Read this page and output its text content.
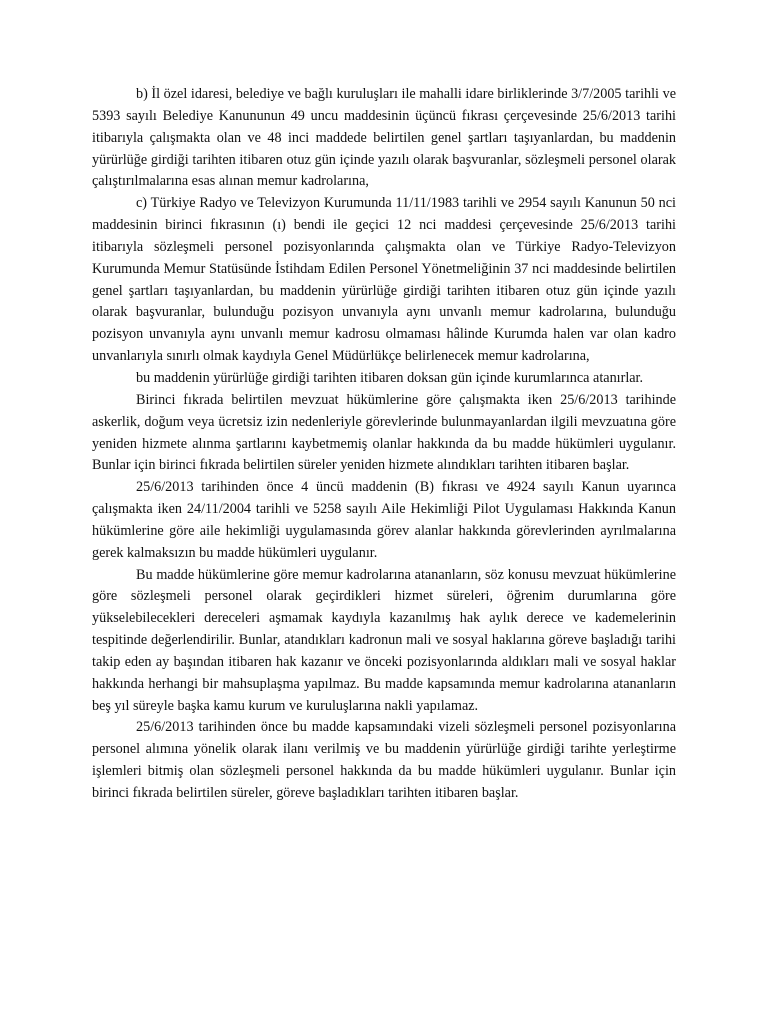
b) İl özel idaresi, belediye ve bağlı kuruluşları ile mahalli idare birliklerinde 3/7/2005 tarihli ve 5393 sayılı Belediye Kanununun 49 uncu maddesinin üçüncü fıkrası çerçevesinde 25/6/2013 tarihi itibarıyla çalışmakta olan ve 48 inci maddede belirtilen genel şartları taşıyanlardan, bu maddenin yürürlüğe girdiği tarihten itibaren otuz gün içinde yazılı olarak başvuranlar, sözleşmeli personel olarak çalıştırılmalarına esas alınan memur kadrolarına,

c) Türkiye Radyo ve Televizyon Kurumunda 11/11/1983 tarihli ve 2954 sayılı Kanunun 50 nci maddesinin birinci fıkrasının (ı) bendi ile geçici 12 nci maddesi çerçevesinde 25/6/2013 tarihi itibarıyla sözleşmeli personel pozisyonlarında çalışmakta olan ve Türkiye Radyo-Televizyon Kurumunda Memur Statüsünde İstihdam Edilen Personel Yönetmeliğinin 37 nci maddesinde belirtilen genel şartları taşıyanlardan, bu maddenin yürürlüğe girdiği tarihten itibaren otuz gün içinde yazılı olarak başvuranlar, bulunduğu pozisyon unvanıyla aynı unvanlı memur kadrolarına, bulunduğu pozisyon unvanıyla aynı unvanlı memur kadrosu olmaması hâlinde Kurumda halen var olan kadro unvanlarıyla sınırlı olmak kaydıyla Genel Müdürlükçe belirlenecek memur kadrolarına,

bu maddenin yürürlüğe girdiği tarihten itibaren doksan gün içinde kurumlarınca atanırlar.

Birinci fıkrada belirtilen mevzuat hükümlerine göre çalışmakta iken 25/6/2013 tarihinde askerlik, doğum veya ücretsiz izin nedenleriyle görevlerinde bulunmayanlardan ilgili mevzuatına göre yeniden hizmete alınma şartlarını kaybetmemiş olanlar hakkında da bu madde hükümleri uygulanır. Bunlar için birinci fıkrada belirtilen süreler yeniden hizmete alındıkları tarihten itibaren başlar.

25/6/2013 tarihinden önce 4 üncü maddenin (B) fıkrası ve 4924 sayılı Kanun uyarınca çalışmakta iken 24/11/2004 tarihli ve 5258 sayılı Aile Hekimliği Pilot Uygulaması Hakkında Kanun hükümlerine göre aile hekimliği uygulamasında görev alanlar hakkında görevlerinden ayrılmalarına gerek kalmaksızın bu madde hükümleri uygulanır.

Bu madde hükümlerine göre memur kadrolarına atananların, söz konusu mevzuat hükümlerine göre sözleşmeli personel olarak geçirdikleri hizmet süreleri, öğrenim durumlarına göre yükselebilecekleri dereceleri aşmamak kaydıyla kazanılmış hak aylık derece ve kademelerinin tespitinde değerlendirilir. Bunlar, atandıkları kadronun mali ve sosyal haklarına göreve başladığı tarihi takip eden ay başından itibaren hak kazanır ve önceki pozisyonlarında aldıkları mali ve sosyal haklar hakkında herhangi bir mahsuplaşma yapılmaz. Bu madde kapsamında memur kadrolarına atananların beş yıl süreyle başka kamu kurum ve kuruluşlarına nakli yapılamaz.

25/6/2013 tarihinden önce bu madde kapsamındaki vizeli sözleşmeli personel pozisyonlarına personel alımına yönelik olarak ilanı verilmiş ve bu maddenin yürürlüğe girdiği tarihte yerleştirme işlemleri bitmiş olan sözleşmeli personel hakkında da bu madde hükümleri uygulanır. Bunlar için birinci fıkrada belirtilen süreler, göreve başladıkları tarihten itibaren başlar.
